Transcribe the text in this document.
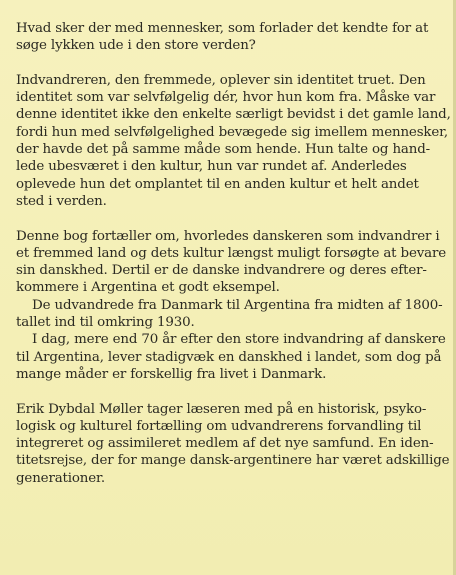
Hvad sker der med mennesker, som forlader det kendte for at
søge lykken ude i den store verden?
Indvandreren, den fremmede, oplever sin identitet truet. Den
identitet som var selvfølgelig dér, hvor hun kom fra. Måske var
denne identitet ikke den enkelte særligt bevidst i det gamle land,
fordi hun med selvfølgelighed bevægede sig imellem mennesker,
der havde det på samme måde som hende. Hun talte og hand-
lede ubesværet i den kultur, hun var rundet af. Anderledes
oplevede hun det omplantet til en anden kultur et helt andet
sted i verden.
Denne bog fortæller om, hvorledes danskeren som indvandrer i
et fremmed land og dets kultur længst muligt forsøgte at bevare
sin danskhed. Dertil er de danske indvandrere og deres efter-
kommere i Argentina et godt eksempel.
De udvandrede fra Danmark til Argentina fra midten af 1800-
tallet ind til omkring 1930.
I dag, mere end 70 år efter den store indvandring af danskere
til Argentina, lever stadigvæk en danskhed i landet, som dog på
mange måder er forskellig fra livet i Danmark.
Erik Dybdal Møller tager læseren med på en historisk, psyko-
logisk og kulturel fortælling om udvandrerens forvandling til
integreret og assimileret medlem af det nye samfund. En iden-
titetsrejse, der for mange dansk-argentinere har været adskillige
generationer.
